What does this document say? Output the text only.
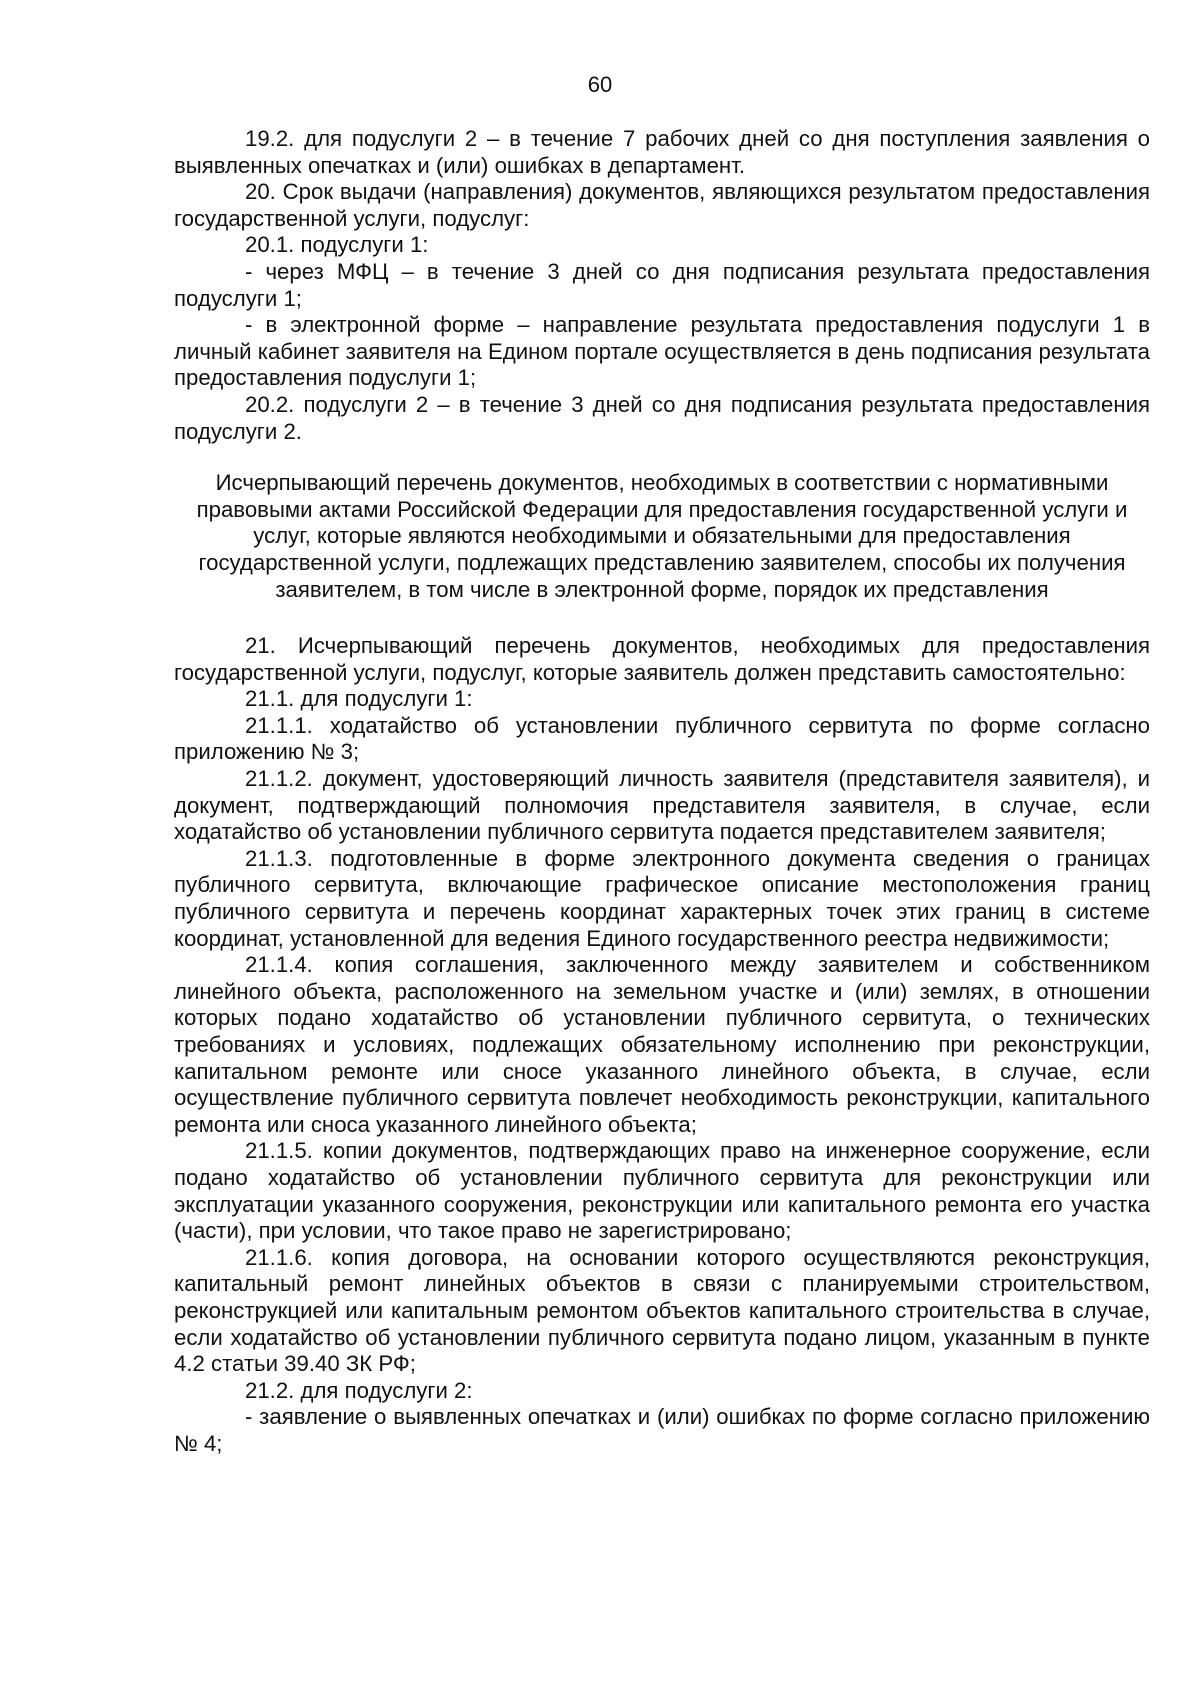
60

19.2. для подуслуги 2 – в течение 7 рабочих дней со дня поступления заявления о выявленных опечатках и (или) ошибках в департамент.

20. Срок выдачи (направления) документов, являющихся результатом предоставления государственной услуги, подуслуг:

20.1. подуслуги 1:

- через МФЦ – в течение 3 дней со дня подписания результата предоставления подуслуги 1;

- в электронной форме – направление результата предоставления подуслуги 1 в личный кабинет заявителя на Едином портале осуществляется в день подписания результата предоставления подуслуги 1;

20.2. подуслуги 2 – в течение 3 дней со дня подписания результата предоставления подуслуги 2.

Исчерпывающий перечень документов, необходимых в соответствии с нормативными правовыми актами Российской Федерации для предоставления государственной услуги и услуг, которые являются необходимыми и обязательными для предоставления государственной услуги, подлежащих представлению заявителем, способы их получения заявителем, в том числе в электронной форме, порядок их представления

21. Исчерпывающий перечень документов, необходимых для предоставления государственной услуги, подуслуг, которые заявитель должен представить самостоятельно:

21.1. для подуслуги 1:

21.1.1. ходатайство об установлении публичного сервитута по форме согласно приложению № 3;

21.1.2. документ, удостоверяющий личность заявителя (представителя заявителя), и документ, подтверждающий полномочия представителя заявителя, в случае, если ходатайство об установлении публичного сервитута подается представителем заявителя;

21.1.3. подготовленные в форме электронного документа сведения о границах публичного сервитута, включающие графическое описание местоположения границ публичного сервитута и перечень координат характерных точек этих границ в системе координат, установленной для ведения Единого государственного реестра недвижимости;

21.1.4. копия соглашения, заключенного между заявителем и собственником линейного объекта, расположенного на земельном участке и (или) землях, в отношении которых подано ходатайство об установлении публичного сервитута, о технических требованиях и условиях, подлежащих обязательному исполнению при реконструкции, капитальном ремонте или сносе указанного линейного объекта, в случае, если осуществление публичного сервитута повлечет необходимость реконструкции, капитального ремонта или сноса указанного линейного объекта;

21.1.5. копии документов, подтверждающих право на инженерное сооружение, если подано ходатайство об установлении публичного сервитута для реконструкции или эксплуатации указанного сооружения, реконструкции или капитального ремонта его участка (части), при условии, что такое право не зарегистрировано;

21.1.6. копия договора, на основании которого осуществляются реконструкция, капитальный ремонт линейных объектов в связи с планируемыми строительством, реконструкцией или капитальным ремонтом объектов капитального строительства в случае, если ходатайство об установлении публичного сервитута подано лицом, указанным в пункте 4.2 статьи 39.40 ЗК РФ;

21.2. для подуслуги 2:

- заявление о выявленных опечатках и (или) ошибках по форме согласно приложению № 4;
